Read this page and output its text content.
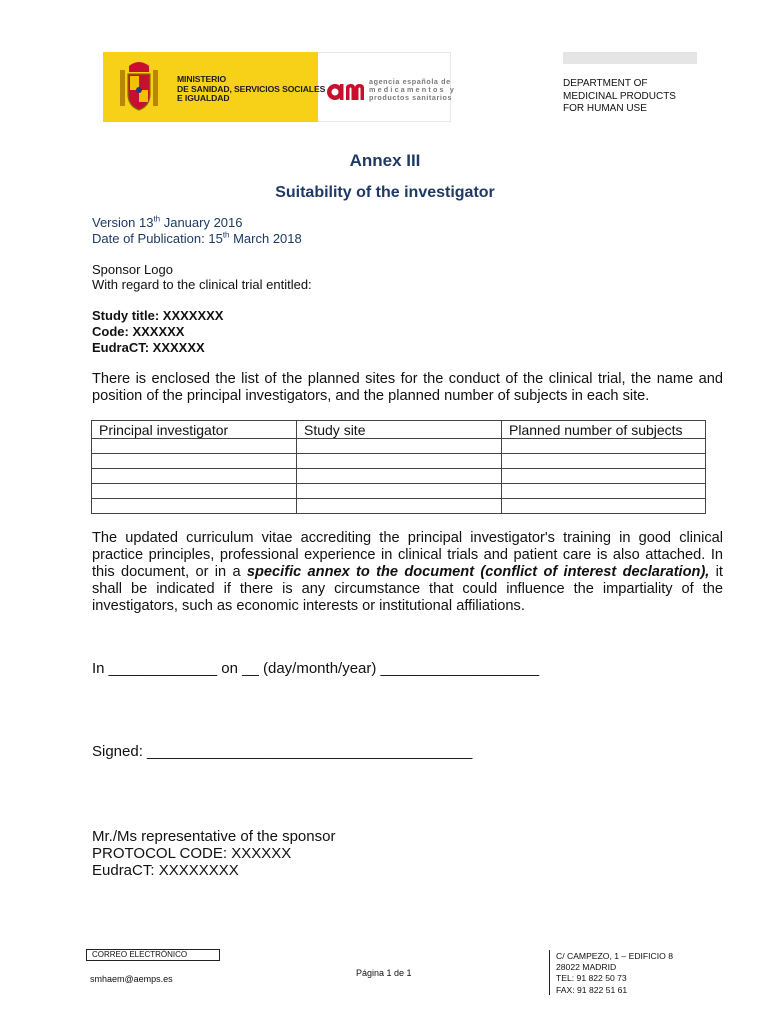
MINISTERIO
DE SANIDAD, SERVICIOS SOCIALES
E IGUALDAD
agencia española de
medicamentos y
productos sanitarios
DEPARTMENT OF
MEDICINAL PRODUCTS
FOR HUMAN USE
Annex III
Suitability of the investigator
Version 13th January 2016
Date of Publication: 15th March 2018
Sponsor Logo
With regard to the clinical trial entitled:
Study title: XXXXXXX
Code: XXXXXX
EudraCT: XXXXXX
There is enclosed the list of the planned sites for the conduct of the clinical trial, the name and position of the principal investigators, and the planned number of subjects in each site.
Principal investigator	Study site	Planned number of subjects

The updated curriculum vitae accrediting the principal investigator's training in good clinical practice principles, professional experience in clinical trials and patient care is also attached. In this document, or in a specific annex to the document (conflict of interest declaration), it shall be indicated if there is any circumstance that could influence the impartiality of the investigators, such as economic interests or institutional affiliations.
In _____________ on __ (day/month/year) ___________________
Signed: _______________________________________
Mr./Ms representative of the sponsor
PROTOCOL CODE: XXXXXX
EudraCT: XXXXXXXX
CORREO ELECTRÓNICO
smhaem@aemps.es
Página 1 de 1
C/ CAMPEZO, 1 – EDIFICIO 8
28022 MADRID
TEL: 91 822 50 73
FAX: 91 822 51 61
